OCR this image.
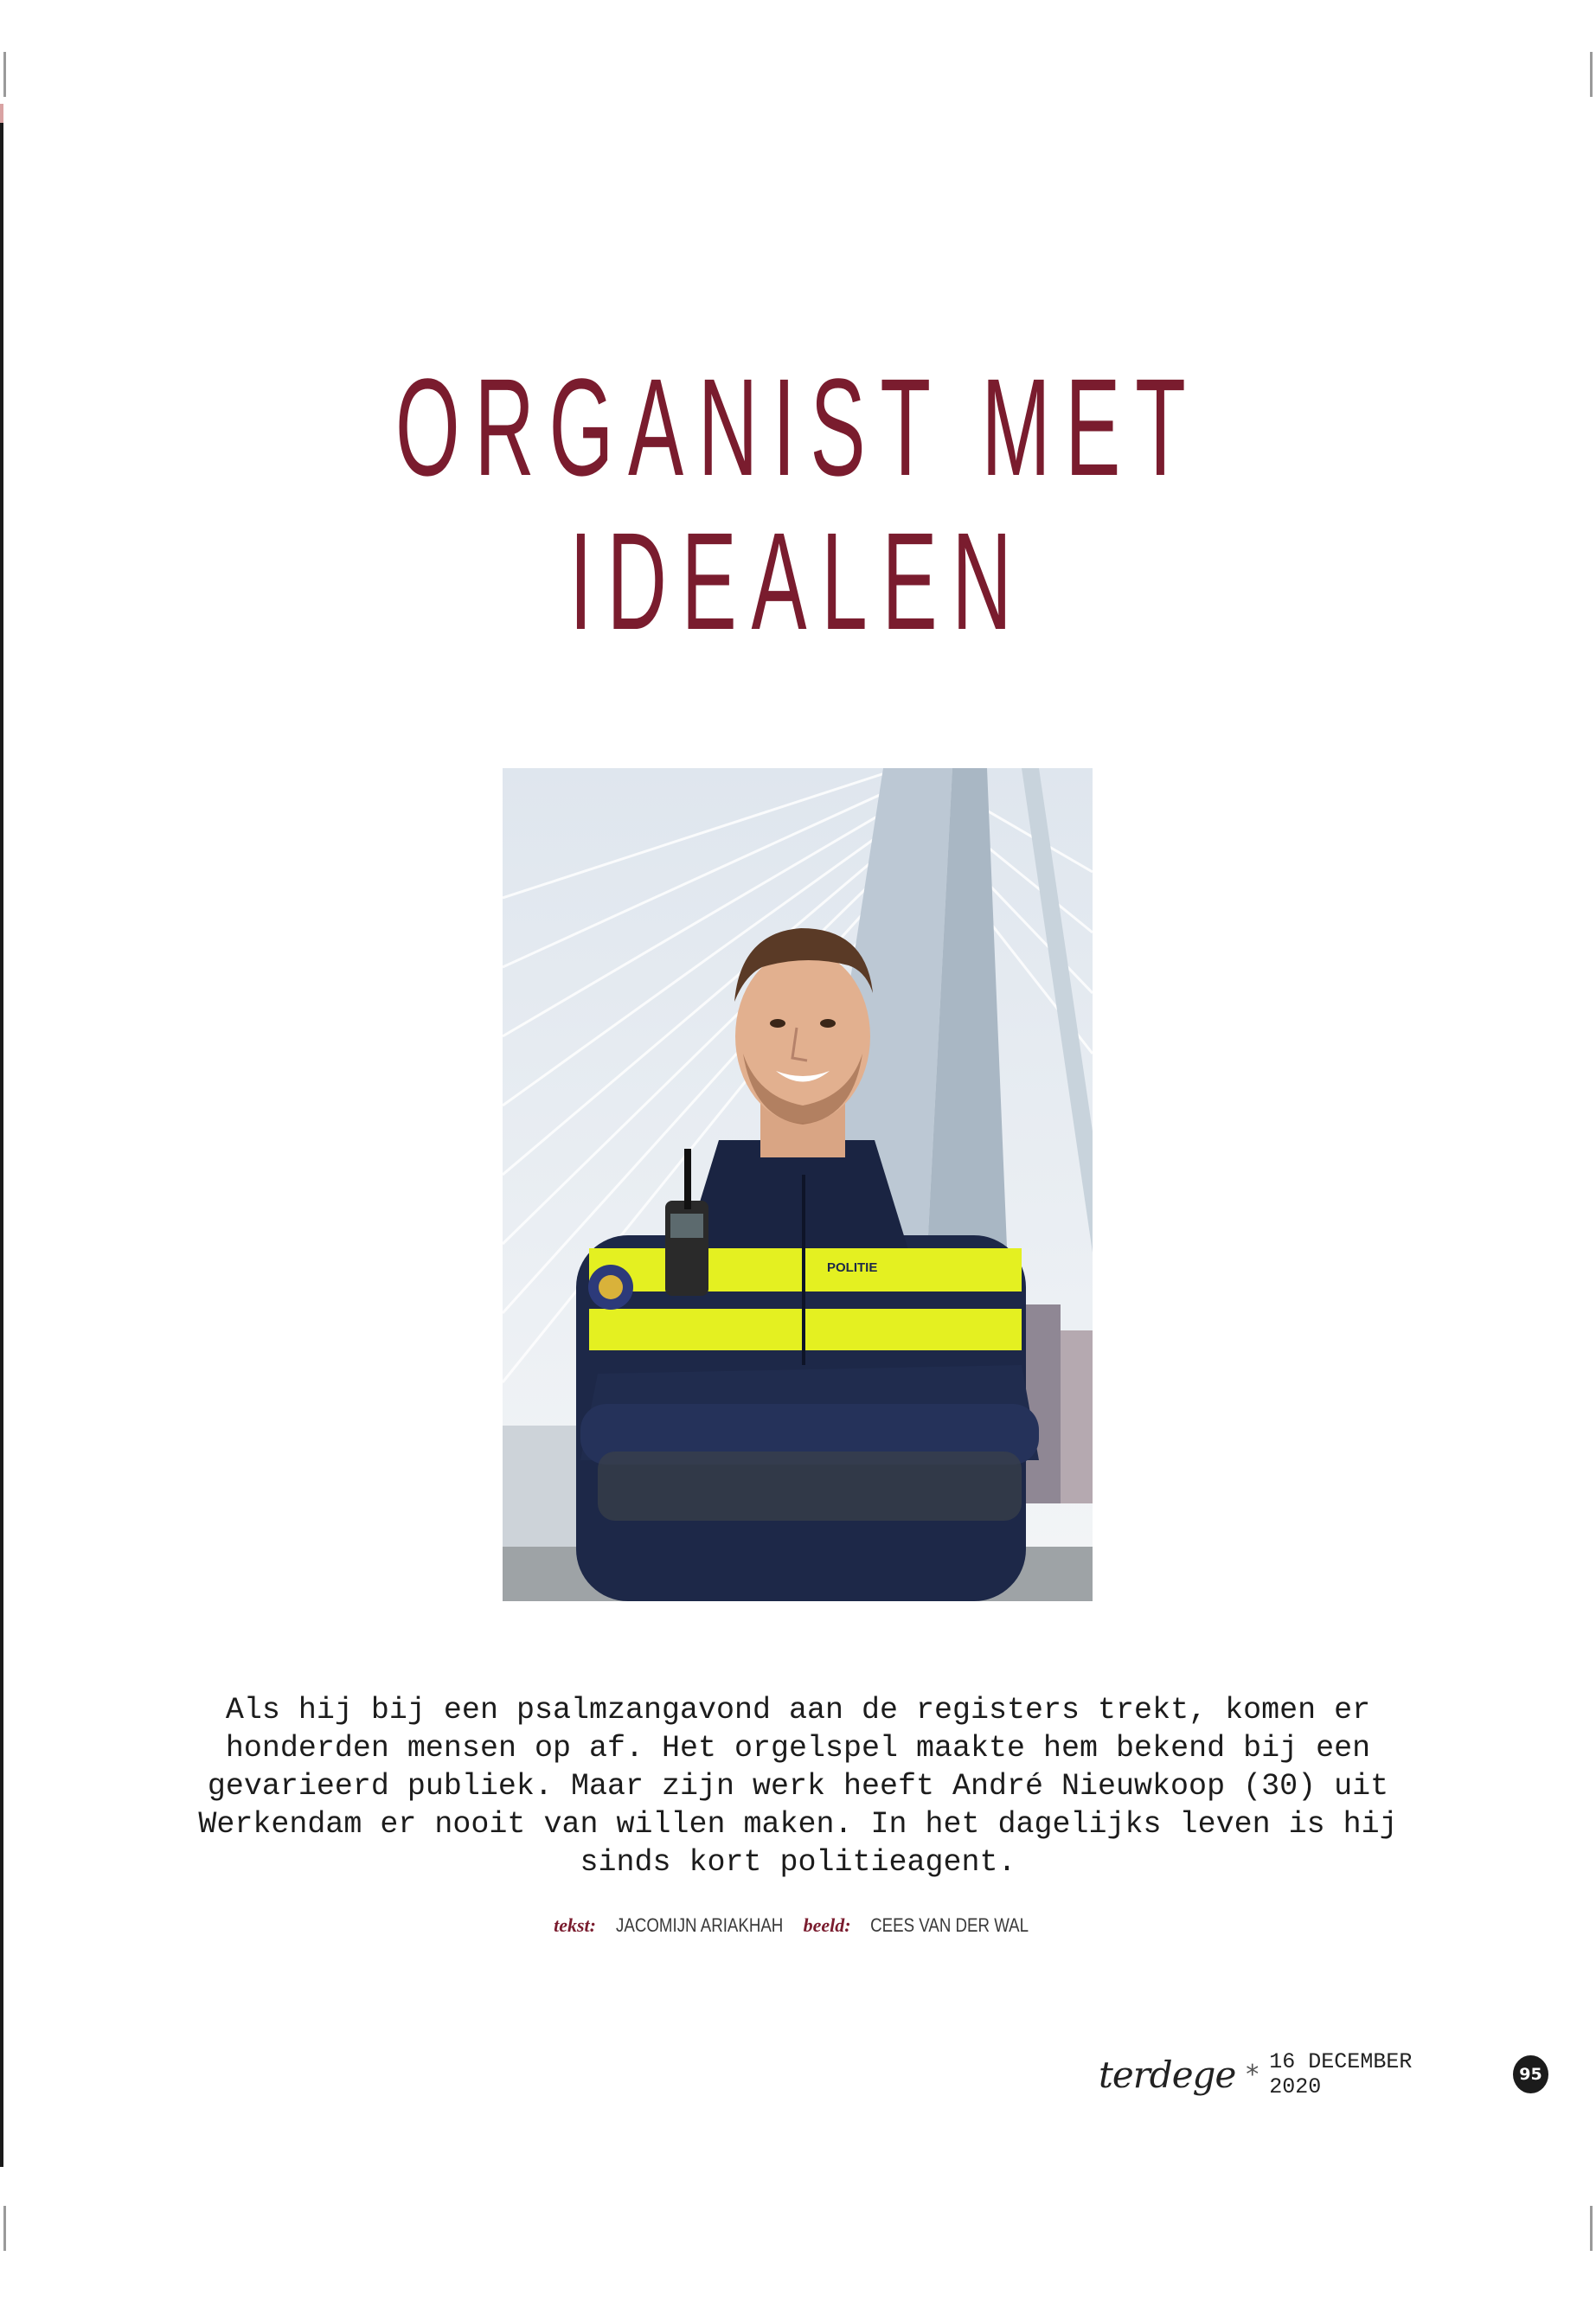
ORGANIST MET
IDEALEN
POLITIE

Als hij bij een psalmzangavond aan de registers trekt, komen er honderden mensen op af. Het orgelspel maakte hem bekend bij een gevarieerd publiek. Maar zijn werk heeft André Nieuwkoop (30) uit Werkendam er nooit van willen maken. In het dagelijks leven is hij sinds kort politieagent.

tekst: JACOMIJN ARIAKHAH beeld: CEES VAN DER WAL
terdege * 16 DECEMBER 2020	95
